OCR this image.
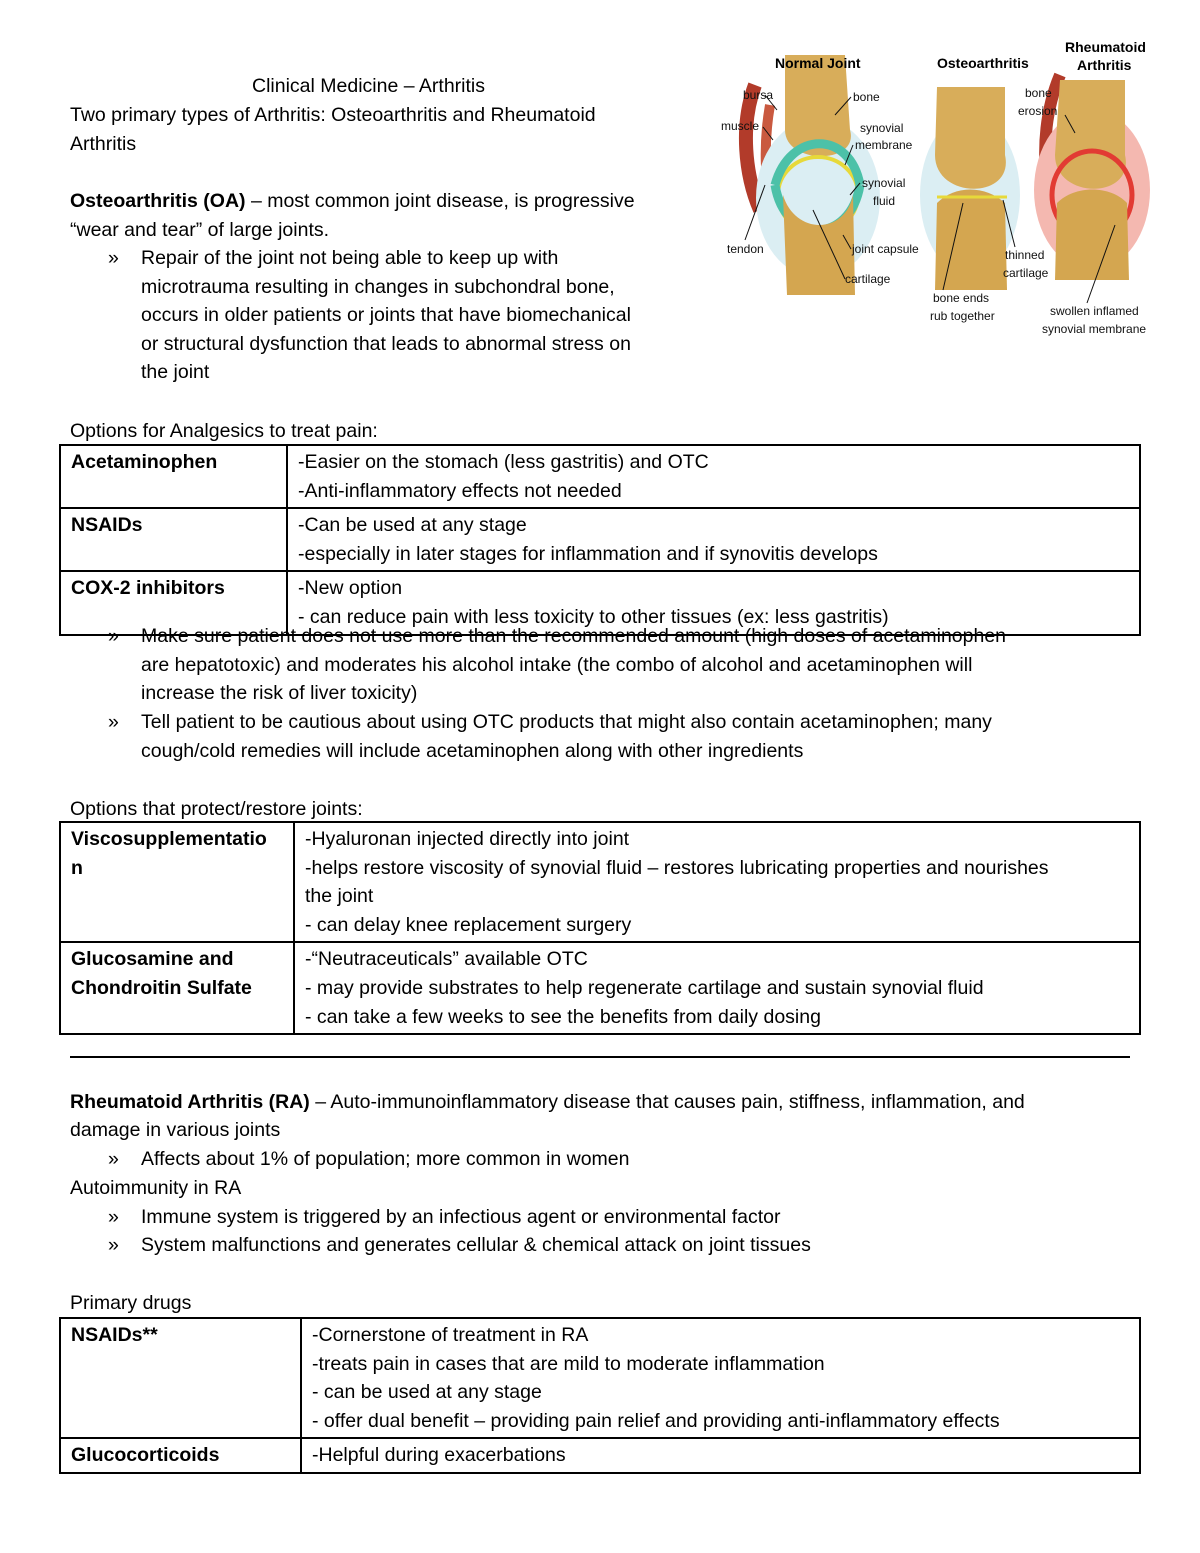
Clinical Medicine – Arthritis
Two primary types of Arthritis: Osteoarthritis and Rheumatoid
Arthritis
Osteoarthritis (OA) – most common joint disease, is progressive
“wear and tear” of large joints.
» Repair of the joint not being able to keep up with
microtrauma resulting in changes in subchondral bone,
occurs in older patients or joints that have biomechanical
or structural dysfunction that leads to abnormal stress on
the joint
Normal Joint	Osteoarthritis
Rheumatoid
Arthritis
bursa
muscle
bone
synovial
membrane
synovial
fluid
tendon	joint capsule
cartilage
bone ends
rub together
thinned
cartilage
bone
erosion
swollen inflamed
synovial membrane
Options for Analgesics to treat pain:
Acetaminophen	-Easier on the stomach (less gastritis) and OTC
-Anti-inflammatory effects not needed

NSAIDs	-Can be used at any stage
-especially in later stages for inflammation and if synovitis develops

COX-2 inhibitors	-New option
- can reduce pain with less toxicity to other tissues (ex: less gastritis)
» Make sure patient does not use more than the recommended amount (high doses of acetaminophen
are hepatotoxic) and moderates his alcohol intake (the combo of alcohol and acetaminophen will
increase the risk of liver toxicity)
» Tell patient to be cautious about using OTC products that might also contain acetaminophen; many
cough/cold remedies will include acetaminophen along with other ingredients
Options that protect/restore joints:
Viscosupplementatio
n	-Hyaluronan injected directly into joint
-helps restore viscosity of synovial fluid – restores lubricating properties and nourishes
the joint
- can delay knee replacement surgery

Glucosamine and
Chondroitin Sulfate	-“Neutraceuticals” available OTC
- may provide substrates to help regenerate cartilage and sustain synovial fluid
- can take a few weeks to see the benefits from daily dosing
Rheumatoid Arthritis (RA) – Auto-immunoinflammatory disease that causes pain, stiffness, inflammation, and
damage in various joints
» Affects about 1% of population; more common in women
Autoimmunity in RA
» Immune system is triggered by an infectious agent or environmental factor
» System malfunctions and generates cellular & chemical attack on joint tissues
Primary drugs
NSAIDs**	-Cornerstone of treatment in RA
-treats pain in cases that are mild to moderate inflammation
- can be used at any stage
- offer dual benefit – providing pain relief and providing anti-inflammatory effects

Glucocorticoids	-Helpful during exacerbations
